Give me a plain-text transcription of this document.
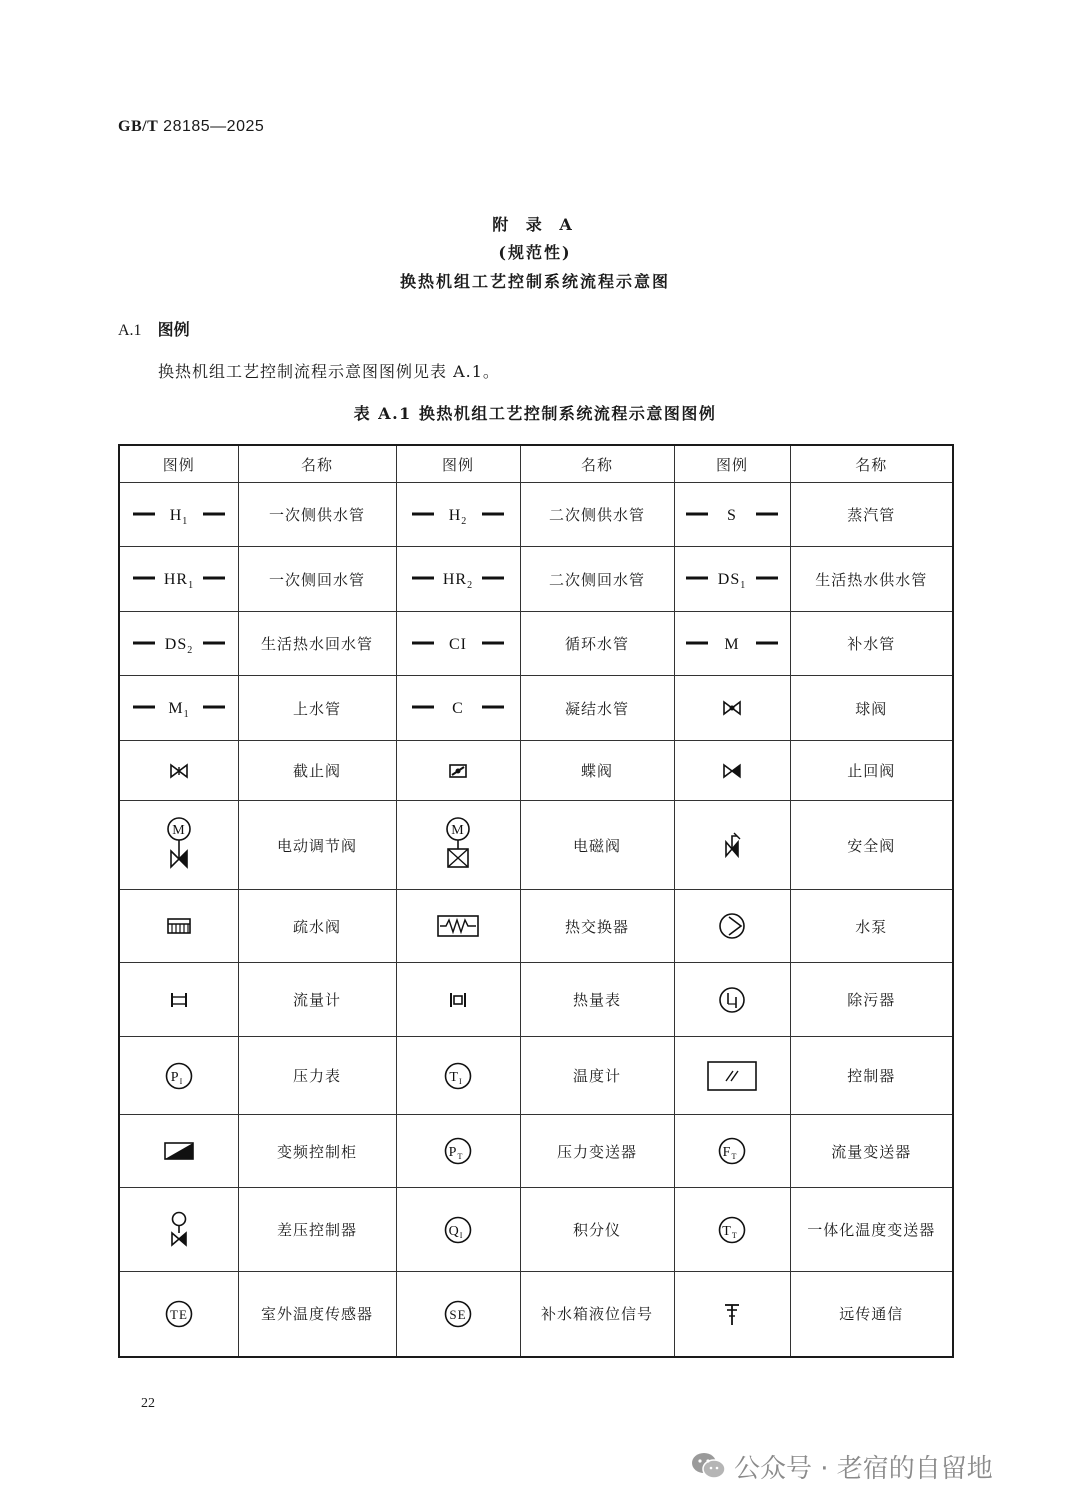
GB/T 28185—2025
附 录 A
(规范性)
换热机组工艺控制系统流程示意图
A.1 图例
换热机组工艺控制流程示意图图例见表 A.1。
表 A.1 换热机组工艺控制系统流程示意图图例
图例	名称	图例	名称	图例	名称

$H_1$	一次侧供水管	$H_2$	二次侧供水管	S	蒸汽管

$HR_1$	一次侧回水管	$HR_2$	二次侧回水管	$DS_1$	生活热水供水管

$DS_2$	生活热水回水管	CI	循环水管	M	补水管

$M_1$	上水管	C	凝结水管		球阀
	截止阀		蝶阀		止回阀

M	电动调节阀	M	电磁阀		安全阀
	疏水阀		热交换器		水泵
	流量计		热量表		除污器

$P_I$	压力表	$T_I$	温度计		控制器
	变频控制柜	$P_T$	压力变送器	$F_T$	流量变送器
	差压控制器	$Q_I$	积分仪	$T_T$	一体化温度变送器

TE	室外温度传感器	SE	补水箱液位信号		远传通信
22
公众号 · 老宿的自留地
